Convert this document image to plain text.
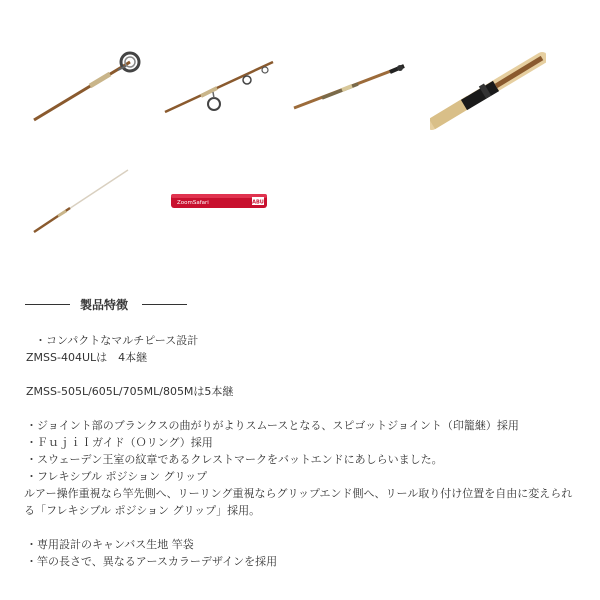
ABU
ZoomSafari
製品特徴

・コンパクトなマルチピース設計

ZMSS-404ULは　4本継

ZMSS-505L/605L/705ML/805Mは5本継

・ジョイント部のブランクスの曲がりがよりスムースとなる、スピゴットジョイント（印籠継）採用

・ＦｕｊｉＩガイド（Ｏリング）採用

・スウェーデン王室の紋章であるクレストマークをバットエンドにあしらいました。

・フレキシブル ポジション グリップ

ルアー操作重視なら竿先側へ、リーリング重視ならグリップエンド側へ、リール取り付け位置を自由に変えられる「フレキシブル ポジション グリップ」採用。

・専用設計のキャンバス生地 竿袋

・竿の長さで、異なるアースカラーデザインを採用
